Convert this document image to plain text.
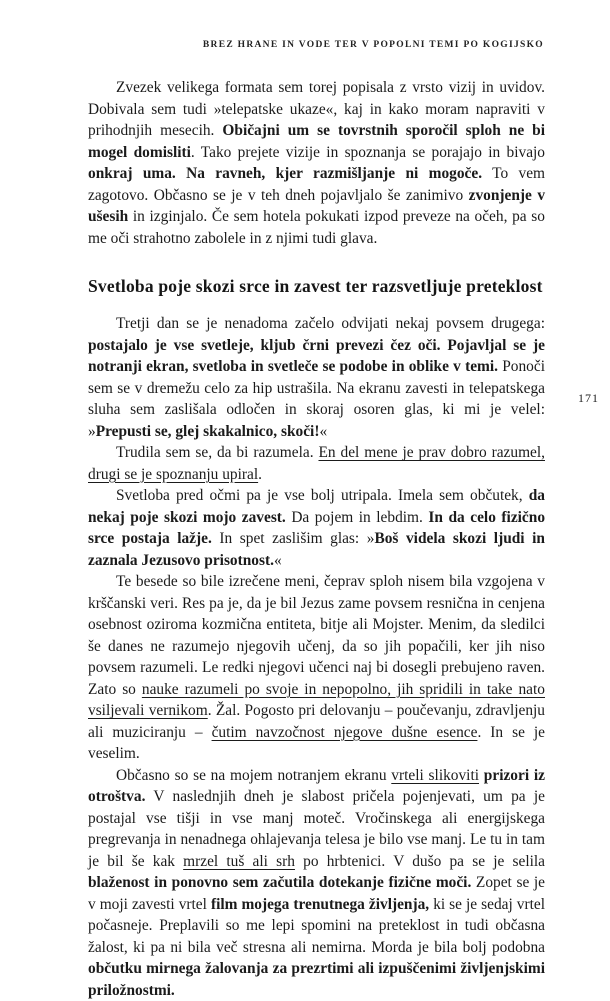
BREZ HRANE IN VODE TER V POPOLNI TEMI PO KOGIJSKO
171

Zvezek velikega formata sem torej popisala z vrsto vizij in uvidov. Dobivala sem tudi »telepatske ukaze«, kaj in kako moram napraviti v prihodnjih mesecih. Običajni um se tovrstnih sporočil sploh ne bi mogel domisliti. Tako prejete vizije in spoznanja se porajajo in bivajo onkraj uma. Na ravneh, kjer razmišljanje ni mogoče. To vem zagotovo. Občasno se je v teh dneh pojavljalo še zanimivo zvonjenje v ušesih in izginjalo. Če sem hotela pokukati izpod preveze na očeh, pa so me oči strahotno zabolele in z njimi tudi glava.

Svetloba poje skozi srce in zavest ter razsvetljuje preteklost

Tretji dan se je nenadoma začelo odvijati nekaj povsem drugega: postajalo je vse svetleje, kljub črni prevezi čez oči. Pojavljal se je notranji ekran, svetloba in svetleče se podobe in oblike v temi. Ponoči sem se v dremežu celo za hip ustrašila. Na ekranu zavesti in telepatskega sluha sem zaslišala odločen in skoraj osoren glas, ki mi je velel: »Prepusti se, glej skakalnico, skoči!«

Trudila sem se, da bi razumela. En del mene je prav dobro razumel, drugi se je spoznanju upiral.

Svetloba pred očmi pa je vse bolj utripala. Imela sem občutek, da nekaj poje skozi mojo zavest. Da pojem in lebdim. In da celo fizično srce postaja lažje. In spet zaslišim glas: »Boš videla skozi ljudi in zaznala Jezusovo prisotnost.«

Te besede so bile izrečene meni, čeprav sploh nisem bila vzgojena v krščanski veri. Res pa je, da je bil Jezus zame povsem resnična in cenjena osebnost oziroma kozmična entiteta, bitje ali Mojster. Menim, da sledilci še danes ne razumejo njegovih učenj, da so jih popačili, ker jih niso povsem razumeli. Le redki njegovi učenci naj bi dosegli prebujeno raven. Zato so nauke razumeli po svoje in nepopolno, jih spridili in take nato vsiljevali vernikom. Žal. Pogosto pri delovanju – poučevanju, zdravljenju ali muziciranju – čutim navzočnost njegove dušne esence. In se je veselim.

Občasno so se na mojem notranjem ekranu vrteli slikoviti prizori iz otroštva. V naslednjih dneh je slabost pričela pojenjevati, um pa je postajal vse tišji in vse manj moteč. Vročinskega ali energijskega pregrevanja in nenadnega ohlajevanja telesa je bilo vse manj. Le tu in tam je bil še kak mrzel tuš ali srh po hrbtenici. V dušo pa se je selila blaženost in ponovno sem začutila dotekanje fizične moči. Zopet se je v moji zavesti vrtel film mojega trenutnega življenja, ki se je sedaj vrtel počasneje. Preplavili so me lepi spomini na preteklost in tudi občasna žalost, ki pa ni bila več stresna ali nemirna. Morda je bila bolj podobna občutku mirnega žalovanja za prezrtimi ali izpuščenimi življenjskimi priložnostmi.
